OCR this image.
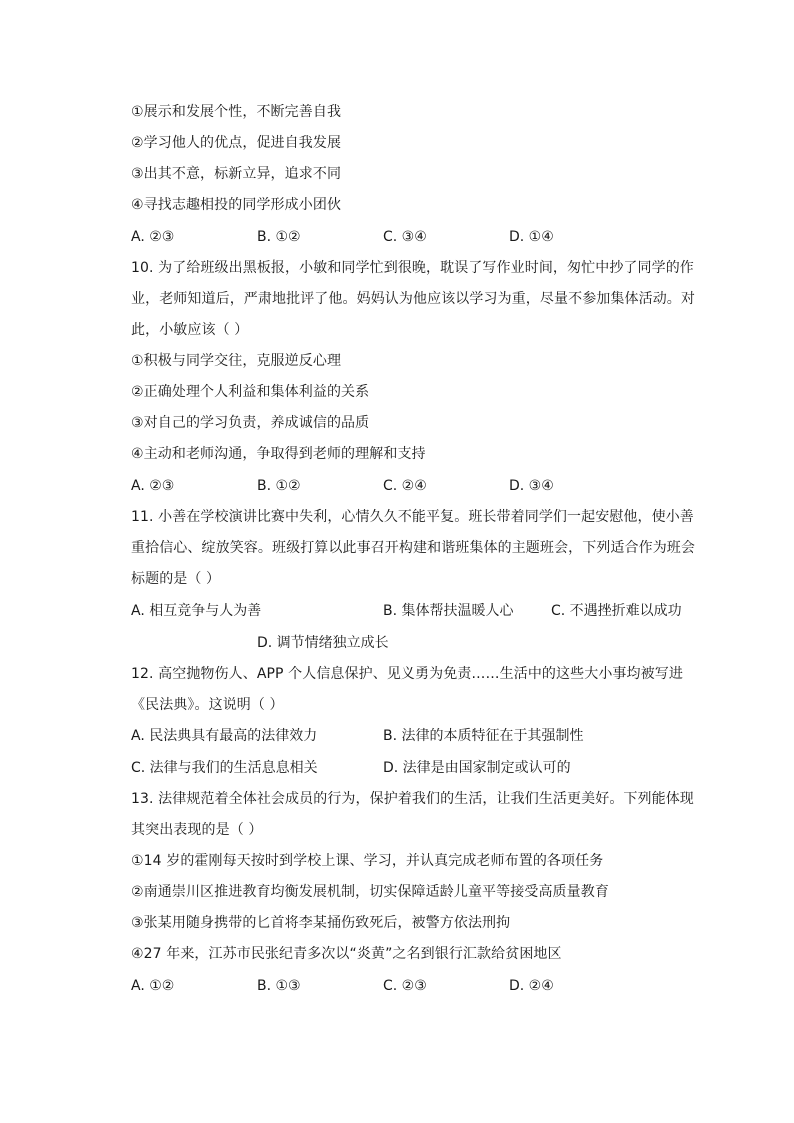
①展示和发展个性，不断完善自我
②学习他人的优点，促进自我发展
③出其不意，标新立异，追求不同
④寻找志趣相投的同学形成小团伙
A. ②③	B. ①②	C. ③④	D. ①④
10. 为了给班级出黑板报，小敏和同学忙到很晚，耽误了写作业时间，匆忙中抄了同学的作
业，老师知道后，严肃地批评了他。妈妈认为他应该以学习为重，尽量不参加集体活动。对
此，小敏应该（ ）
①积极与同学交往，克服逆反心理
②正确处理个人利益和集体利益的关系
③对自己的学习负责，养成诚信的品质
④主动和老师沟通，争取得到老师的理解和支持
A. ②③	B. ①②	C. ②④	D. ③④
11. 小善在学校演讲比赛中失利，心情久久不能平复。班长带着同学们一起安慰他，使小善
重拾信心、绽放笑容。班级打算以此事召开构建和谐班集体的主题班会，下列适合作为班会
标题的是（ ）
A. 相互竞争与人为善	B. 集体帮扶温暖人心	C. 不遇挫折难以成功
D. 调节情绪独立成长
12. 高空抛物伤人、APP 个人信息保护、见义勇为免责……生活中的这些大小事均被写进
《民法典》。这说明（ ）
A. 民法典具有最高的法律效力	B. 法律的本质特征在于其强制性
C. 法律与我们的生活息息相关	D. 法律是由国家制定或认可的
13. 法律规范着全体社会成员的行为，保护着我们的生活，让我们生活更美好。下列能体现
其突出表现的是（ ）
①14 岁的霍刚每天按时到学校上课、学习，并认真完成老师布置的各项任务
②南通崇川区推进教育均衡发展机制，切实保障适龄儿童平等接受高质量教育
③张某用随身携带的匕首将李某捅伤致死后，被警方依法刑拘
④27 年来，江苏市民张纪青多次以“炎黄”之名到银行汇款给贫困地区
A. ①②	B. ①③	C. ②③	D. ②④
